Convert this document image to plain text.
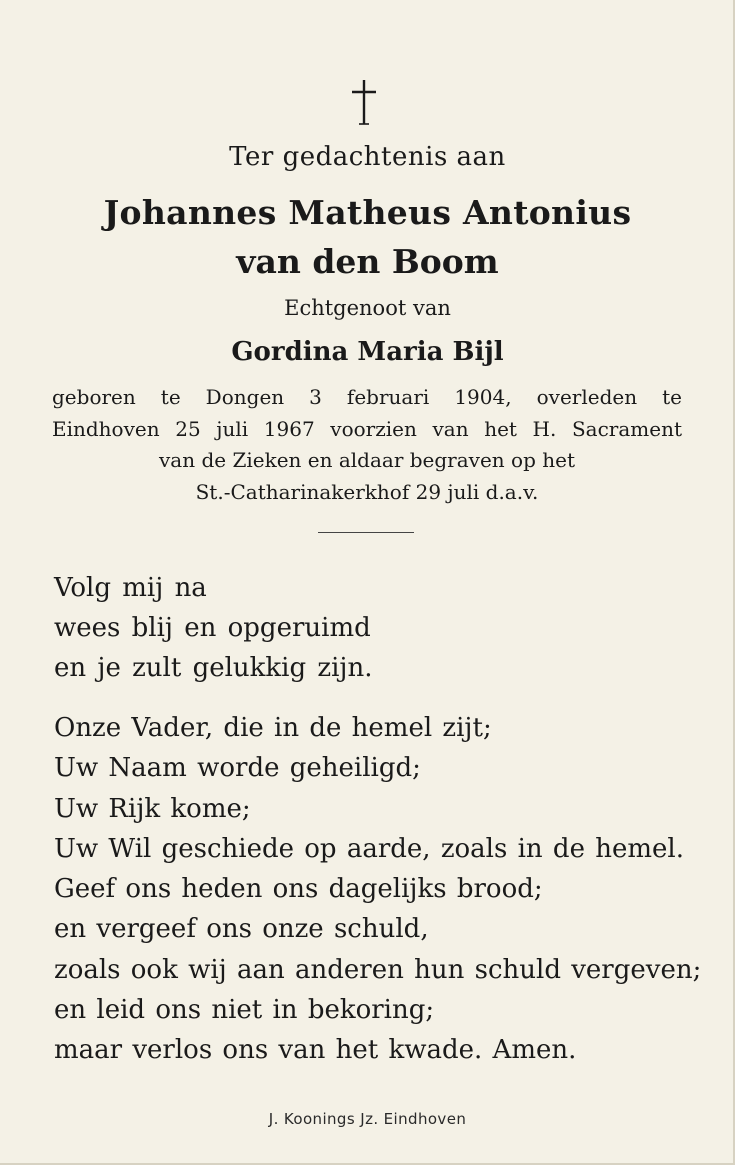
Ter gedachtenis aan
Johannes Matheus Antonius
van den Boom
Echtgenoot van
Gordina Maria Bijl
geboren te Dongen 3 februari 1904, overleden te
Eindhoven 25 juli 1967 voorzien van het H. Sacrament
van de Zieken en aldaar begraven op het
St.-Catharinakerkhof 29 juli d.a.v.
Volg mij na
wees blij en opgeruimd
en je zult gelukkig zijn.
Onze Vader, die in de hemel zijt;
Uw Naam worde geheiligd;
Uw Rijk kome;
Uw Wil geschiede op aarde, zoals in de hemel.
Geef ons heden ons dagelijks brood;
en vergeef ons onze schuld,
zoals ook wij aan anderen hun schuld vergeven;
en leid ons niet in bekoring;
maar verlos ons van het kwade. Amen.
J. Koonings Jz. Eindhoven
